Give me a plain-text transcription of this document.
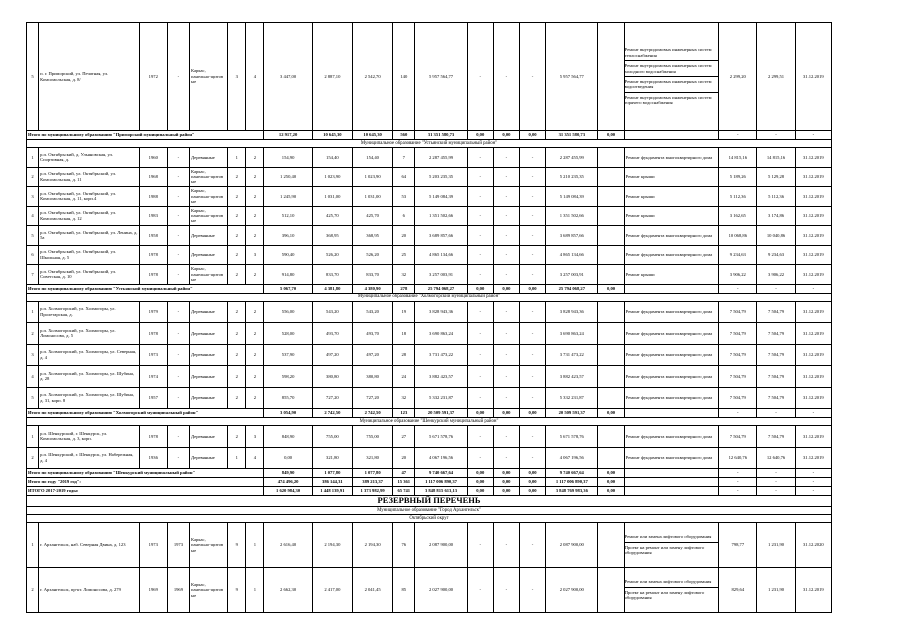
5	п. г. Приморский, ул. Печатная, ул. Комсомольская, д. 8/	1972	-	Каркас, панельно-щитов ые	3	4	3 447,00	2 887,10	2 542,70	140	5 957 564,77	-	-	-	5 957 564,77		Ремонт внутридомовых инженерных систем теплоснабжения
Ремонт внутридомовых инженерных систем холодного водоснабжения
Ремонт внутридомовых инженерных систем водоотведения
Ремонт внутридомовых инженерных систем горячего водоснабжения	2 299,20	2 299,51	31.12.2019
Итого по муниципальному образованию "Приморский муниципальный район"							12 917,20	10 645,30	10 645,30	560	31 351 580,73	0,00	0,00	0,00	31 351 580,73	0,00		-	-	-
Муниципальное образование "Устьянский муниципальный район"																				
1	р.п. Октябрьский, д. Ульяновская, ул. Спортивная, д.	1960	-	Деревянные	1	2	154,90	154,40	154,40	7	2 287 455,99	-	-	-	2 287 455,99		Ремонт фундамента многоквартирного дома	14 815,16	14 815,16	31.12.2019
2	р.п. Октябрьский, ул. Октябрьский, ул. Комсомольская, д. 11	1968	-	Каркас, панельно-щитов ые	2	2	1 250,40	1 023,90	1 023,90	64	5 203 235,35	-	-	-	5 210 235,35		Ремонт крыши	5 189,26	5 129,28	31.12.2019
3	р.п. Октябрьский, ул. Октябрьский, ул. Комсомольская, д. 11, корп.4	1988	-	Каркас, панельно-щитов ые	2	2	1 245,90	1 031,00	1 031,00	53	5 149 084,39	-	-	-	5 149 084,39		Ремонт крыши	5 112,36	5 112,36	31.12.2019
4	р.п. Октябрьский, ул. Октябрьский, ул. Комсомольская, д. 12	1983	-	Каркас, панельно-щитов ые	2	2	512,10	425,70	425,70	6	1 351 502,66	-	-	-	1 351 502,66		Ремонт крыши	3 162,65	3 174,86	31.12.2019
5	р.п. Октябрьский, ул. Октябрьский, ул. Ленина, д. 5а	1958	-	Деревянные	2	2	396,10	368,95	368,95	20	3 689 857,66	-	-	-	3 689 857,66		Ремонт фундамента многоквартирного дома	10 068,86	10 040,86	31.12.2019
6	р.п. Октябрьский, ул. Октябрьский, ул. Школьная, д. 5	1978	-	Деревянные	2	3	590,40	526,20	526,20	25	4 865 134,66	-	-	-	4 865 134,66		Ремонт фундамента многоквартирного дома	9 234,63	9 234,63	31.12.2019
7	р.п. Октябрьский, ул. Октябрьский, ул. Советская, д. 10	1978	-	Каркас, панельно-щитов ые	2	2	914,80	833,70	833,70	32	3 257 003,91	-	-	-	3 257 003,91		Ремонт крыши	3 906,22	3 906,22	31.12.2019
Итого по муниципальному образованию "Устьянский муниципальный район"							5 067,70	4 381,80	4 380,90	278	25 794 068,27	0,00	0,00	0,00	25 794 068,27	0,00		-	-	-
Муниципальное образование "Холмогорский муниципальный район"																				
1	р.п. Холмогорский, ул. Холмогоры, ул. Пролетарская, д.	1979	-	Деревянные	2	2	556,00	543,20	543,20	19	3 828 943,36	-	-	-	3 828 943,36		Ремонт фундамента многоквартирного дома	7 504,79	7 504,79	31.12.2019
2	р.п. Холмогорский, ул. Холмогоры, ул. Ломоносова, д. 5	1978	-	Деревянные	2	2	528,00	493,70	493,70	18	3 690 863,24	-	-	-	3 690 863,24		Ремонт фундамента многоквартирного дома	7 504,79	7 504,79	31.12.2019
3	р.п. Холмогорский, ул. Холмогоры, ул. Северная, д. 4	1973	-	Деревянные	2	2	537,90	497,20	497,20	28	3 731 473,22	-	-	-	3 731 473,22		Ремонт фундамента многоквартирного дома	7 504,79	7 504,79	31.12.2019
4	р.п. Холмогорский, ул. Холмогоры, ул. Шубина, д. 28	1974	-	Деревянные	2	2	598,20	380,80	380,80	24	3 882 423,57	-	-	-	3 882 423,57		Ремонт фундамента многоквартирного дома	7 504,79	7 504,79	31.12.2019
5	р.п. Холмогорский, ул. Холмогоры, ул. Шубина, д. 31, корп. 8	1957	-	Деревянные	2	2	855,70	727,20	727,20	32	5 332 231,87	-	-	-	5 332 231,87		Ремонт фундамента многоквартирного дома	7 504,79	7 504,79	31.12.2019
Итого по муниципальному образованию "Холмогорский муниципальный район"							3 054,90	2 742,50	2 742,50	123	20 509 591,37	0,00	0,00	0,00	20 509 591,37	0,00		-	-	-
Муниципальное образование "Шенкурский муниципальный район"																				
1	р.п. Шенкурский, г. Шенкурск, ул. Комсомольская, д. 3, корп.	1978	-	Деревянные	2	3	848,90	755,00	755,00	27	5 671 578,76	-	-	-	5 671 578,76		Ремонт фундамента многоквартирного дома	7 504,79	7 504,79	31.12.2019
2	р.п. Шенкурский, г. Шенкурск, ул. Набережная, д. 4	1936	-	Деревянные	1	4	0,00	321,80	321,80	20	4 067 196,56	-	-	-	4 067 196,56		Ремонт фундамента многоквартирного дома	12 640,76	12 640,76	31.12.2019
Итого по муниципальному образованию "Шенкурский муниципальный район"							849,90	1 077,80	1 077,80	47	9 740 667,64	0,00	0,00	0,00	9 740 667,64	0,00		-	-	-
Итого по году "2019 год":							474 496,20	386 144,31	389 213,37	15 361	1 117 006 890,37	0,00	0,00	0,00	1 117 006 890,37	0,00		-	-	-
ИТОГО 2017-2019 годы:							1 620 984,30	1 448 139,91	1 373 982,99	65 741	3 848 815 613,13	0,00	0,00	0,00	3 848 769 983,36	0,00		-	-	-
РЕЗЕРВНЫЙ ПЕРЕЧЕНЬ																				
Муниципальное образование "Город Архангельск"																				
Октябрьский округ																				
1	г. Архангельск, наб. Северная Двина, д. 123	1973	1973	Каркас, панельно-щитов ые	9	1	2 616,40	2 194,30	2 194,30	76	2 087 900,00	-	-	-	2 087 900,00		Ремонт или замена лифтового оборудования
Проект на ремонт или замену лифтового оборудования	798,77	1 231,90	31.12.2020
2	г. Архангельск, пр-кт. Ломоносова, д. 279	1969	1969	Каркас, панельно-щитов ые	9	1	2 662,30	2 417,00	2 041,45	85	2 027 900,00	-	-	-	2 027 900,00		Ремонт или замена лифтового оборудования
Проект на ремонт или замену лифтового оборудования	829,64	1 231,90	31.12.2019
